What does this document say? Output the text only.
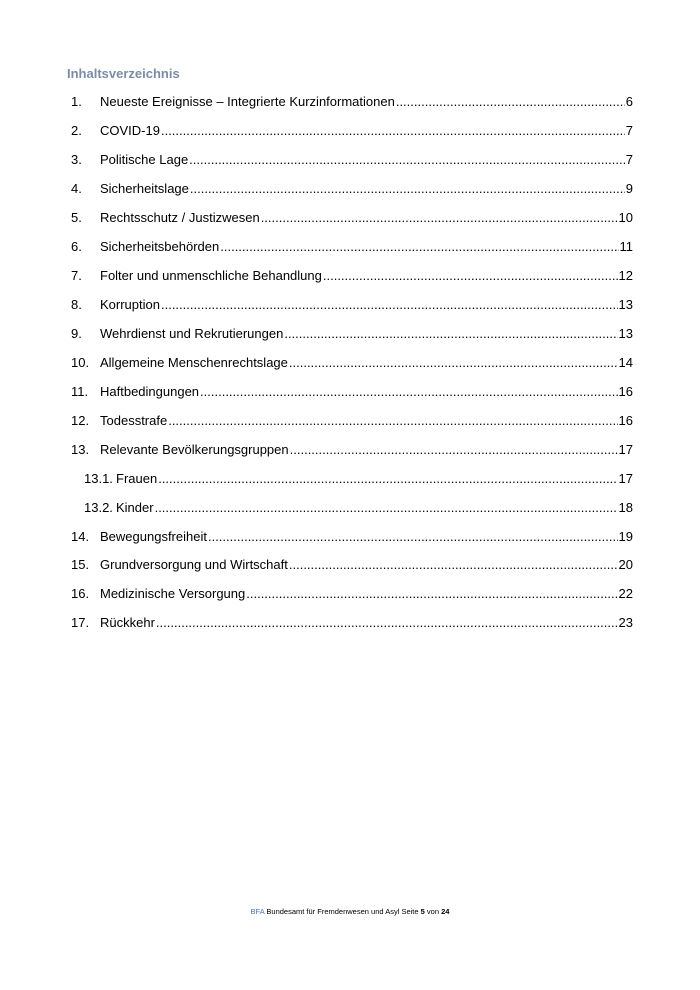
Inhaltsverzeichnis
1.	Neueste Ereignisse – Integrierte Kurzinformationen .....	6
2.	COVID-19 .....	7
3.	Politische Lage .....	7
4.	Sicherheitslage .....	9
5.	Rechtsschutz / Justizwesen .....	10
6.	Sicherheitsbehörden .....	11
7.	Folter und unmenschliche Behandlung .....	12
8.	Korruption .....	13
9.	Wehrdienst und Rekrutierungen .....	13
10. Allgemeine Menschenrechtslage .....	14
11. Haftbedingungen .....	16
12. Todesstrafe .....	16
13. Relevante Bevölkerungsgruppen .....	17
13.1. Frauen .....	17
13.2. Kinder .....	18
14. Bewegungsfreiheit .....	19
15. Grundversorgung und Wirtschaft .....	20
16. Medizinische Versorgung .....	22
17. Rückkehr .....	23
BFA Bundesamt für Fremdenwesen und Asyl Seite 5 von 24
